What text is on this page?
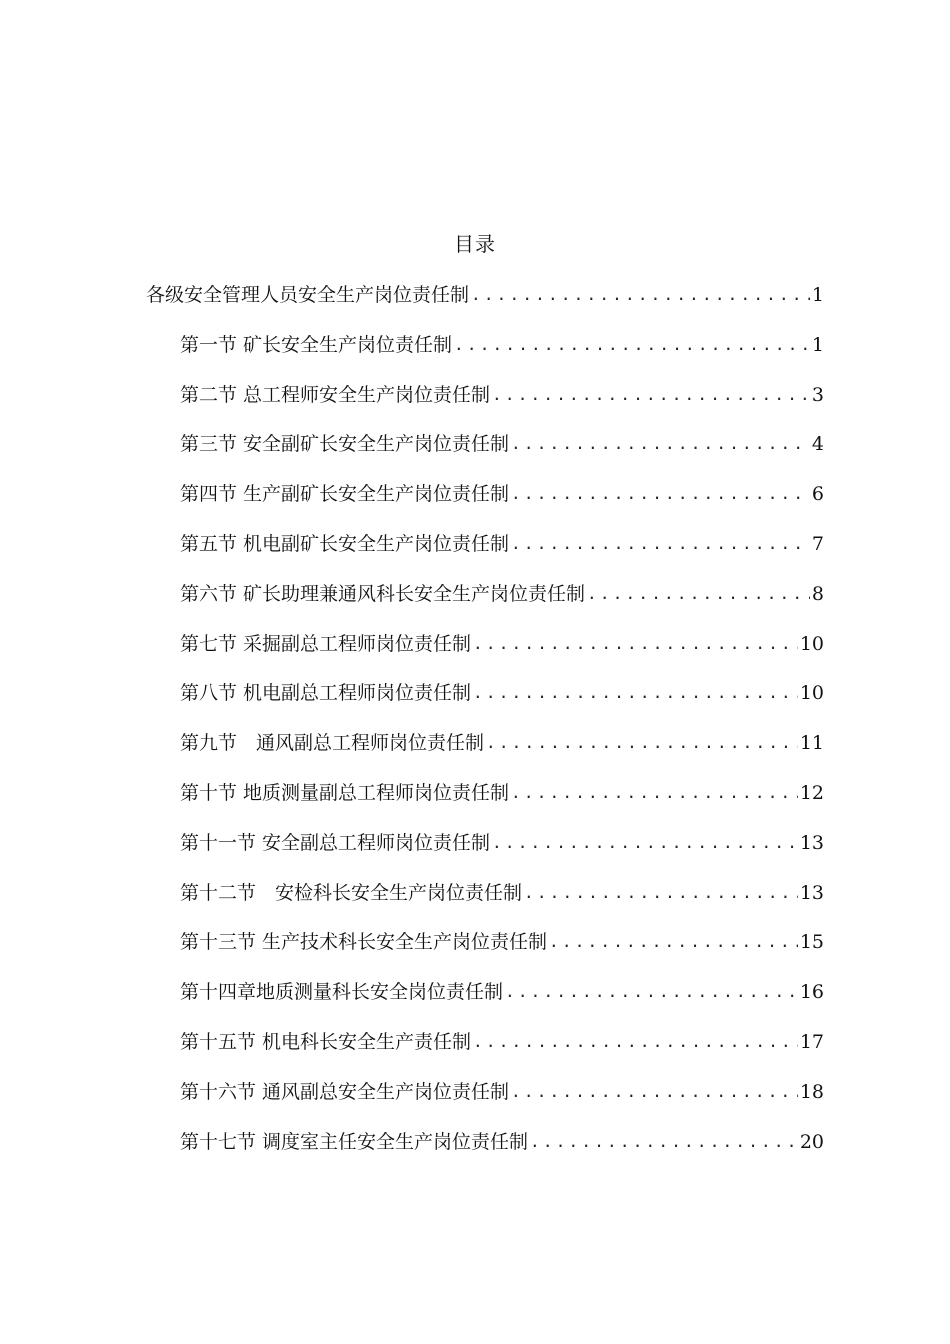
目录
各级安全管理人员安全生产岗位责任制 .....	1
第一节 矿长安全生产岗位责任制 .....	1
第二节 总工程师安全生产岗位责任制 .....	3
第三节 安全副矿长安全生产岗位责任制 .....	4
第四节 生产副矿长安全生产岗位责任制 .....	6
第五节 机电副矿长安全生产岗位责任制 .....	7
第六节 矿长助理兼通风科长安全生产岗位责任制 .....	8
第七节 采掘副总工程师岗位责任制 .....	10
第八节 机电副总工程师岗位责任制 .....	10
第九节　通风副总工程师岗位责任制 .....	11
第十节 地质测量副总工程师岗位责任制 .....	12
第十一节 安全副总工程师岗位责任制 .....	13
第十二节　安检科长安全生产岗位责任制 .....	13
第十三节 生产技术科长安全生产岗位责任制 .....	15
第十四章地质测量科长安全岗位责任制 .....	16
第十五节 机电科长安全生产责任制 .....	17
第十六节 通风副总安全生产岗位责任制 .....	18
第十七节 调度室主任安全生产岗位责任制 .....	20
